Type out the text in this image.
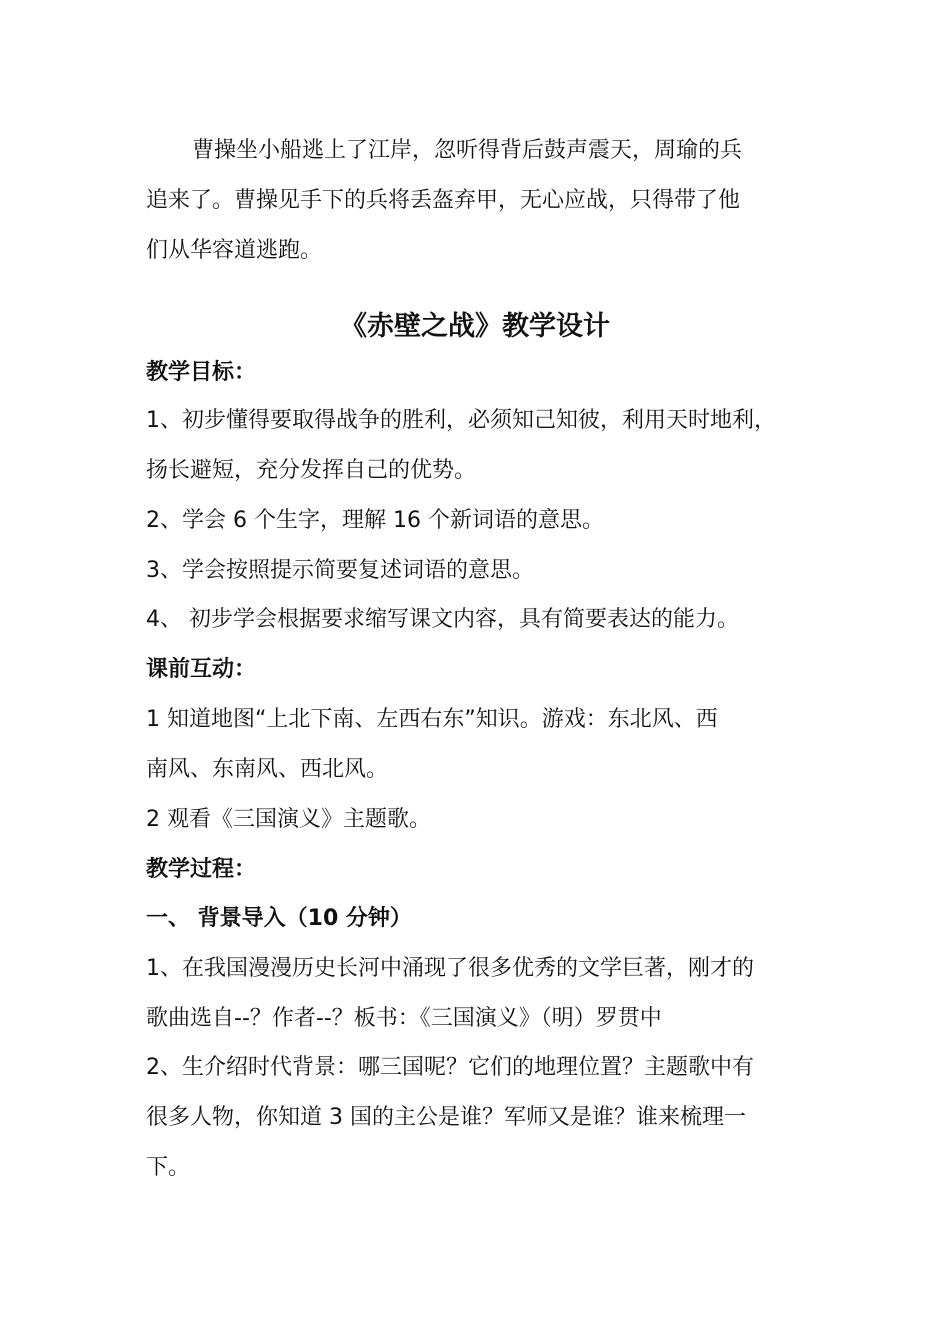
曹操坐小船逃上了江岸，忽听得背后鼓声震天，周瑜的兵
追来了。曹操见手下的兵将丢盔弃甲，无心应战，只得带了他
们从华容道逃跑。
《赤壁之战》教学设计
教学目标：
1、初步懂得要取得战争的胜利，必须知己知彼，利用天时地利，
扬长避短，充分发挥自己的优势。
2、学会 6 个生字，理解 16 个新词语的意思。
3、学会按照提示简要复述词语的意思。
4、 初步学会根据要求缩写课文内容，具有简要表达的能力。
课前互动：
1 知道地图“上北下南、左西右东”知识。游戏：东北风、西
南风、东南风、西北风。
2 观看《三国演义》主题歌。
教学过程：
一、 背景导入（10 分钟）
1、在我国漫漫历史长河中涌现了很多优秀的文学巨著，刚才的
歌曲选自--？作者--？板书：《三国演义》（明）罗贯中
2、生介绍时代背景：哪三国呢？它们的地理位置？主题歌中有
很多人物，你知道 3 国的主公是谁？军师又是谁？谁来梳理一
下。
